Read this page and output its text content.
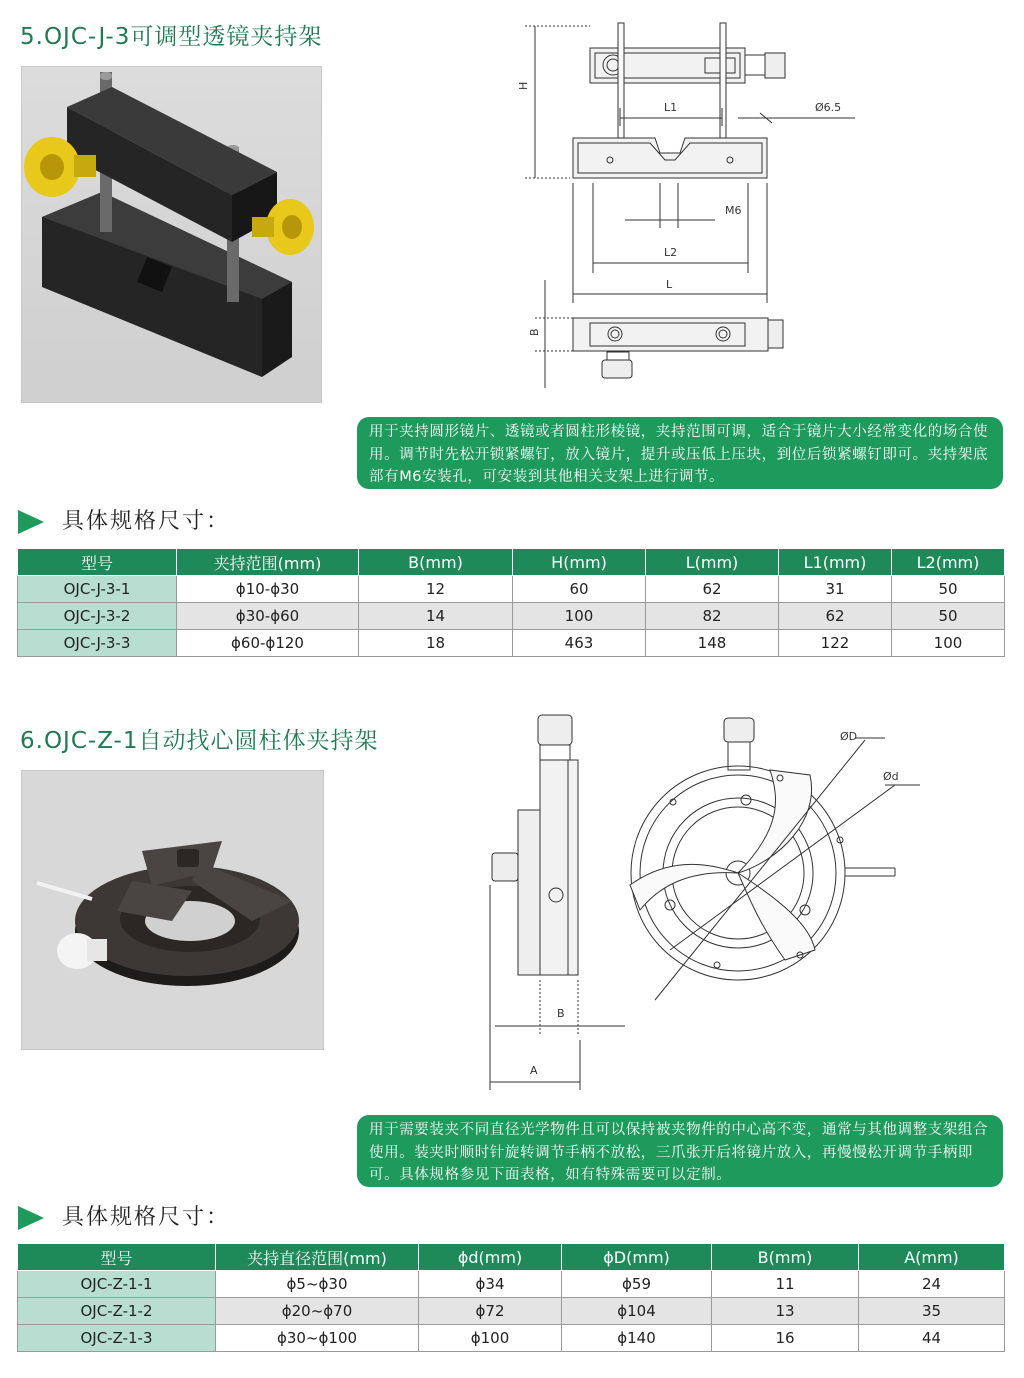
5.OJC-J-3可调型透镜夹持架
H
L1	Ø6.5
M6
L2
L
B
用于夹持圆形镜片、透镜或者圆柱形棱镜，夹持范围可调，适合于镜片大小经常变化的场合使用。调节时先松开锁紧螺钉，放入镜片，提升或压低上压块，到位后锁紧螺钉即可。夹持架底部有M6安装孔，可安装到其他相关支架上进行调节。
具体规格尺寸：
型号	夹持范围(mm)	B(mm)	H(mm)	L(mm)	L1(mm)	L2(mm)
OJC-J-3-1	ϕ10-ϕ30	12	60	62	31	50
OJC-J-3-2	ϕ30-ϕ60	14	100	82	62	50
OJC-J-3-3	ϕ60-ϕ120	18	463	148	122	100
6.OJC-Z-1自动找心圆柱体夹持架	ØD
Ød
B
A
用于需要装夹不同直径光学物件且可以保持被夹物件的中心高不变，通常与其他调整支架组合使用。装夹时顺时针旋转调节手柄不放松，三爪张开后将镜片放入，再慢慢松开调节手柄即可。具体规格参见下面表格，如有特殊需要可以定制。
具体规格尺寸：
型号	夹持直径范围(mm)	ϕd(mm)	ϕD(mm)	B(mm)	A(mm)
OJC-Z-1-1	ϕ5~ϕ30	ϕ34	ϕ59	11	24
OJC-Z-1-2	ϕ20~ϕ70	ϕ72	ϕ104	13	35
OJC-Z-1-3	ϕ30~ϕ100	ϕ100	ϕ140	16	44
